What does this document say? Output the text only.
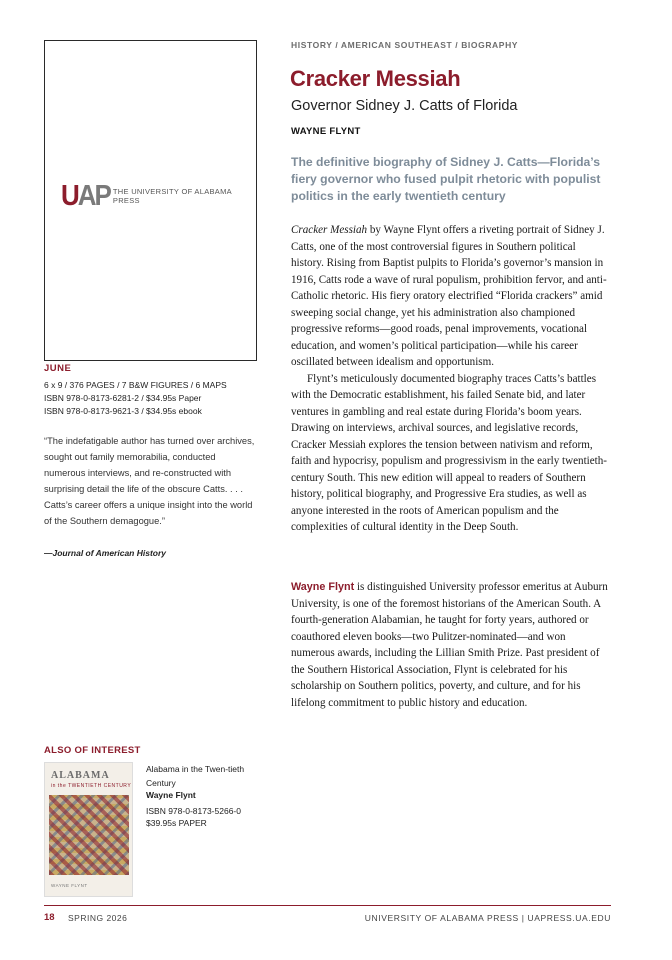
UAP THE UNIVERSITY OF ALABAMA PRESS
JUNE
6 x 9 / 376 PAGES / 7 B&W FIGURES / 6 MAPS
ISBN 978-0-8173-6281-2 / $34.95s Paper
ISBN 978-0-8173-9621-3 / $34.95s ebook
“The indefatigable author has turned over archives, sought out family memorabilia, conducted numerous interviews, and re-constructed with surprising detail the life of the obscure Catts. . . . Catts’s career offers a unique insight into the world of the Southern demagogue.”
—Journal of American History
ALSO OF INTEREST
ALABAMA
in the TWENTIETH CENTURY
WAYNE FLYNT
Alabama in the Twen-tieth Century
Wayne Flynt
ISBN 978-0-8173-5266-0
$39.95s PAPER
HISTORY / AMERICAN SOUTHEAST / BIOGRAPHY
Cracker Messiah
Governor Sidney J. Catts of Florida
WAYNE FLYNT
The definitive biography of Sidney J. Catts—Florida’s fiery governor who fused pulpit rhetoric with populist politics in the early twentieth century

Cracker Messiah by Wayne Flynt offers a riveting portrait of Sidney J. Catts, one of the most controversial figures in Southern political history. Rising from Baptist pulpits to Florida’s governor’s mansion in 1916, Catts rode a wave of rural populism, prohibition fervor, and anti-Catholic rhetoric. His fiery oratory electrified “Florida crackers” amid sweeping social change, yet his administration also championed progressive reforms—good roads, penal improvements, vocational education, and women’s political participation—while his career oscillated between idealism and opportunism.

Flynt’s meticulously documented biography traces Catts’s battles with the Democratic establishment, his failed Senate bid, and later ventures in gambling and real estate during Florida’s boom years. Drawing on interviews, archival sources, and legislative records, Cracker Messiah explores the tension between nativism and reform, faith and hypocrisy, populism and progressivism in the early twentieth-century South. This new edition will appeal to readers of Southern history, political biography, and Progressive Era studies, as well as anyone interested in the roots of American populism and the complexities of cultural identity in the Deep South.

Wayne Flynt is distinguished University professor emeritus at Auburn University, is one of the foremost historians of the American South. A fourth-generation Alabamian, he taught for forty years, authored or coauthored eleven books—two Pulitzer-nominated—and won numerous awards, including the Lillian Smith Prize. Past president of the Southern Historical Association, Flynt is celebrated for his scholarship on Southern politics, poverty, and culture, and for his lifelong commitment to public history and education.
18 SPRING 2026	UNIVERSITY OF ALABAMA PRESS | UAPRESS.UA.EDU
